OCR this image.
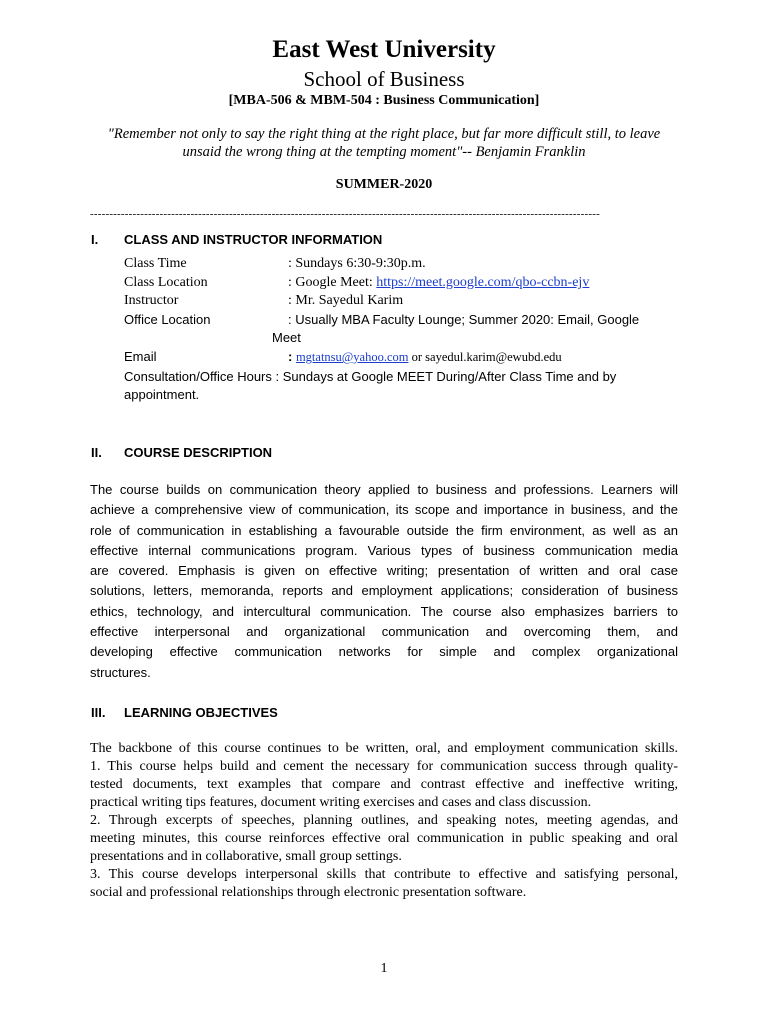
East West University
School of Business
[MBA-506 & MBM-504 : Business Communication]
"Remember not only to say the right thing at the right place, but far more difficult still, to leave
unsaid the wrong thing at the tempting moment"-- Benjamin Franklin
SUMMER-2020
------------------------------------------------------------------------------------------------------------------------------------
I. CLASS AND INSTRUCTOR INFORMATION
Class Time	: Sundays 6:30-9:30p.m.
Class Location	: Google Meet: https://meet.google.com/qbo-ccbn-ejv
Instructor	: Mr. Sayedul Karim
Office Location	: Usually MBA Faculty Lounge; Summer 2020: Email, Google
Meet
Email	: mgtatnsu@yahoo.com or sayedul.karim@ewubd.edu
Consultation/Office Hours : Sundays at Google MEET During/After Class Time and by
appointment.
II. COURSE DESCRIPTION
The course builds on communication theory applied to business and professions. Learners will
achieve a comprehensive view of communication, its scope and importance in business, and the
role of communication in establishing a favourable outside the firm environment, as well as an
effective internal communications program. Various types of business communication media
are covered. Emphasis is given on effective writing; presentation of written and oral case
solutions, letters, memoranda, reports and employment applications; consideration of business
ethics, technology, and intercultural communication. The course also emphasizes barriers to
effective interpersonal and organizational communication and overcoming them, and
developing effective communication networks for simple and complex organizational
structures.
III. LEARNING OBJECTIVES
The backbone of this course continues to be written, oral, and employment communication skills.
1. This course helps build and cement the necessary for communication success through quality-
tested documents, text examples that compare and contrast effective and ineffective writing,
practical writing tips features, document writing exercises and cases and class discussion.
2. Through excerpts of speeches, planning outlines, and speaking notes, meeting agendas, and
meeting minutes, this course reinforces effective oral communication in public speaking and oral
presentations and in collaborative, small group settings.
3. This course develops interpersonal skills that contribute to effective and satisfying personal,
social and professional relationships through electronic presentation software.
1
